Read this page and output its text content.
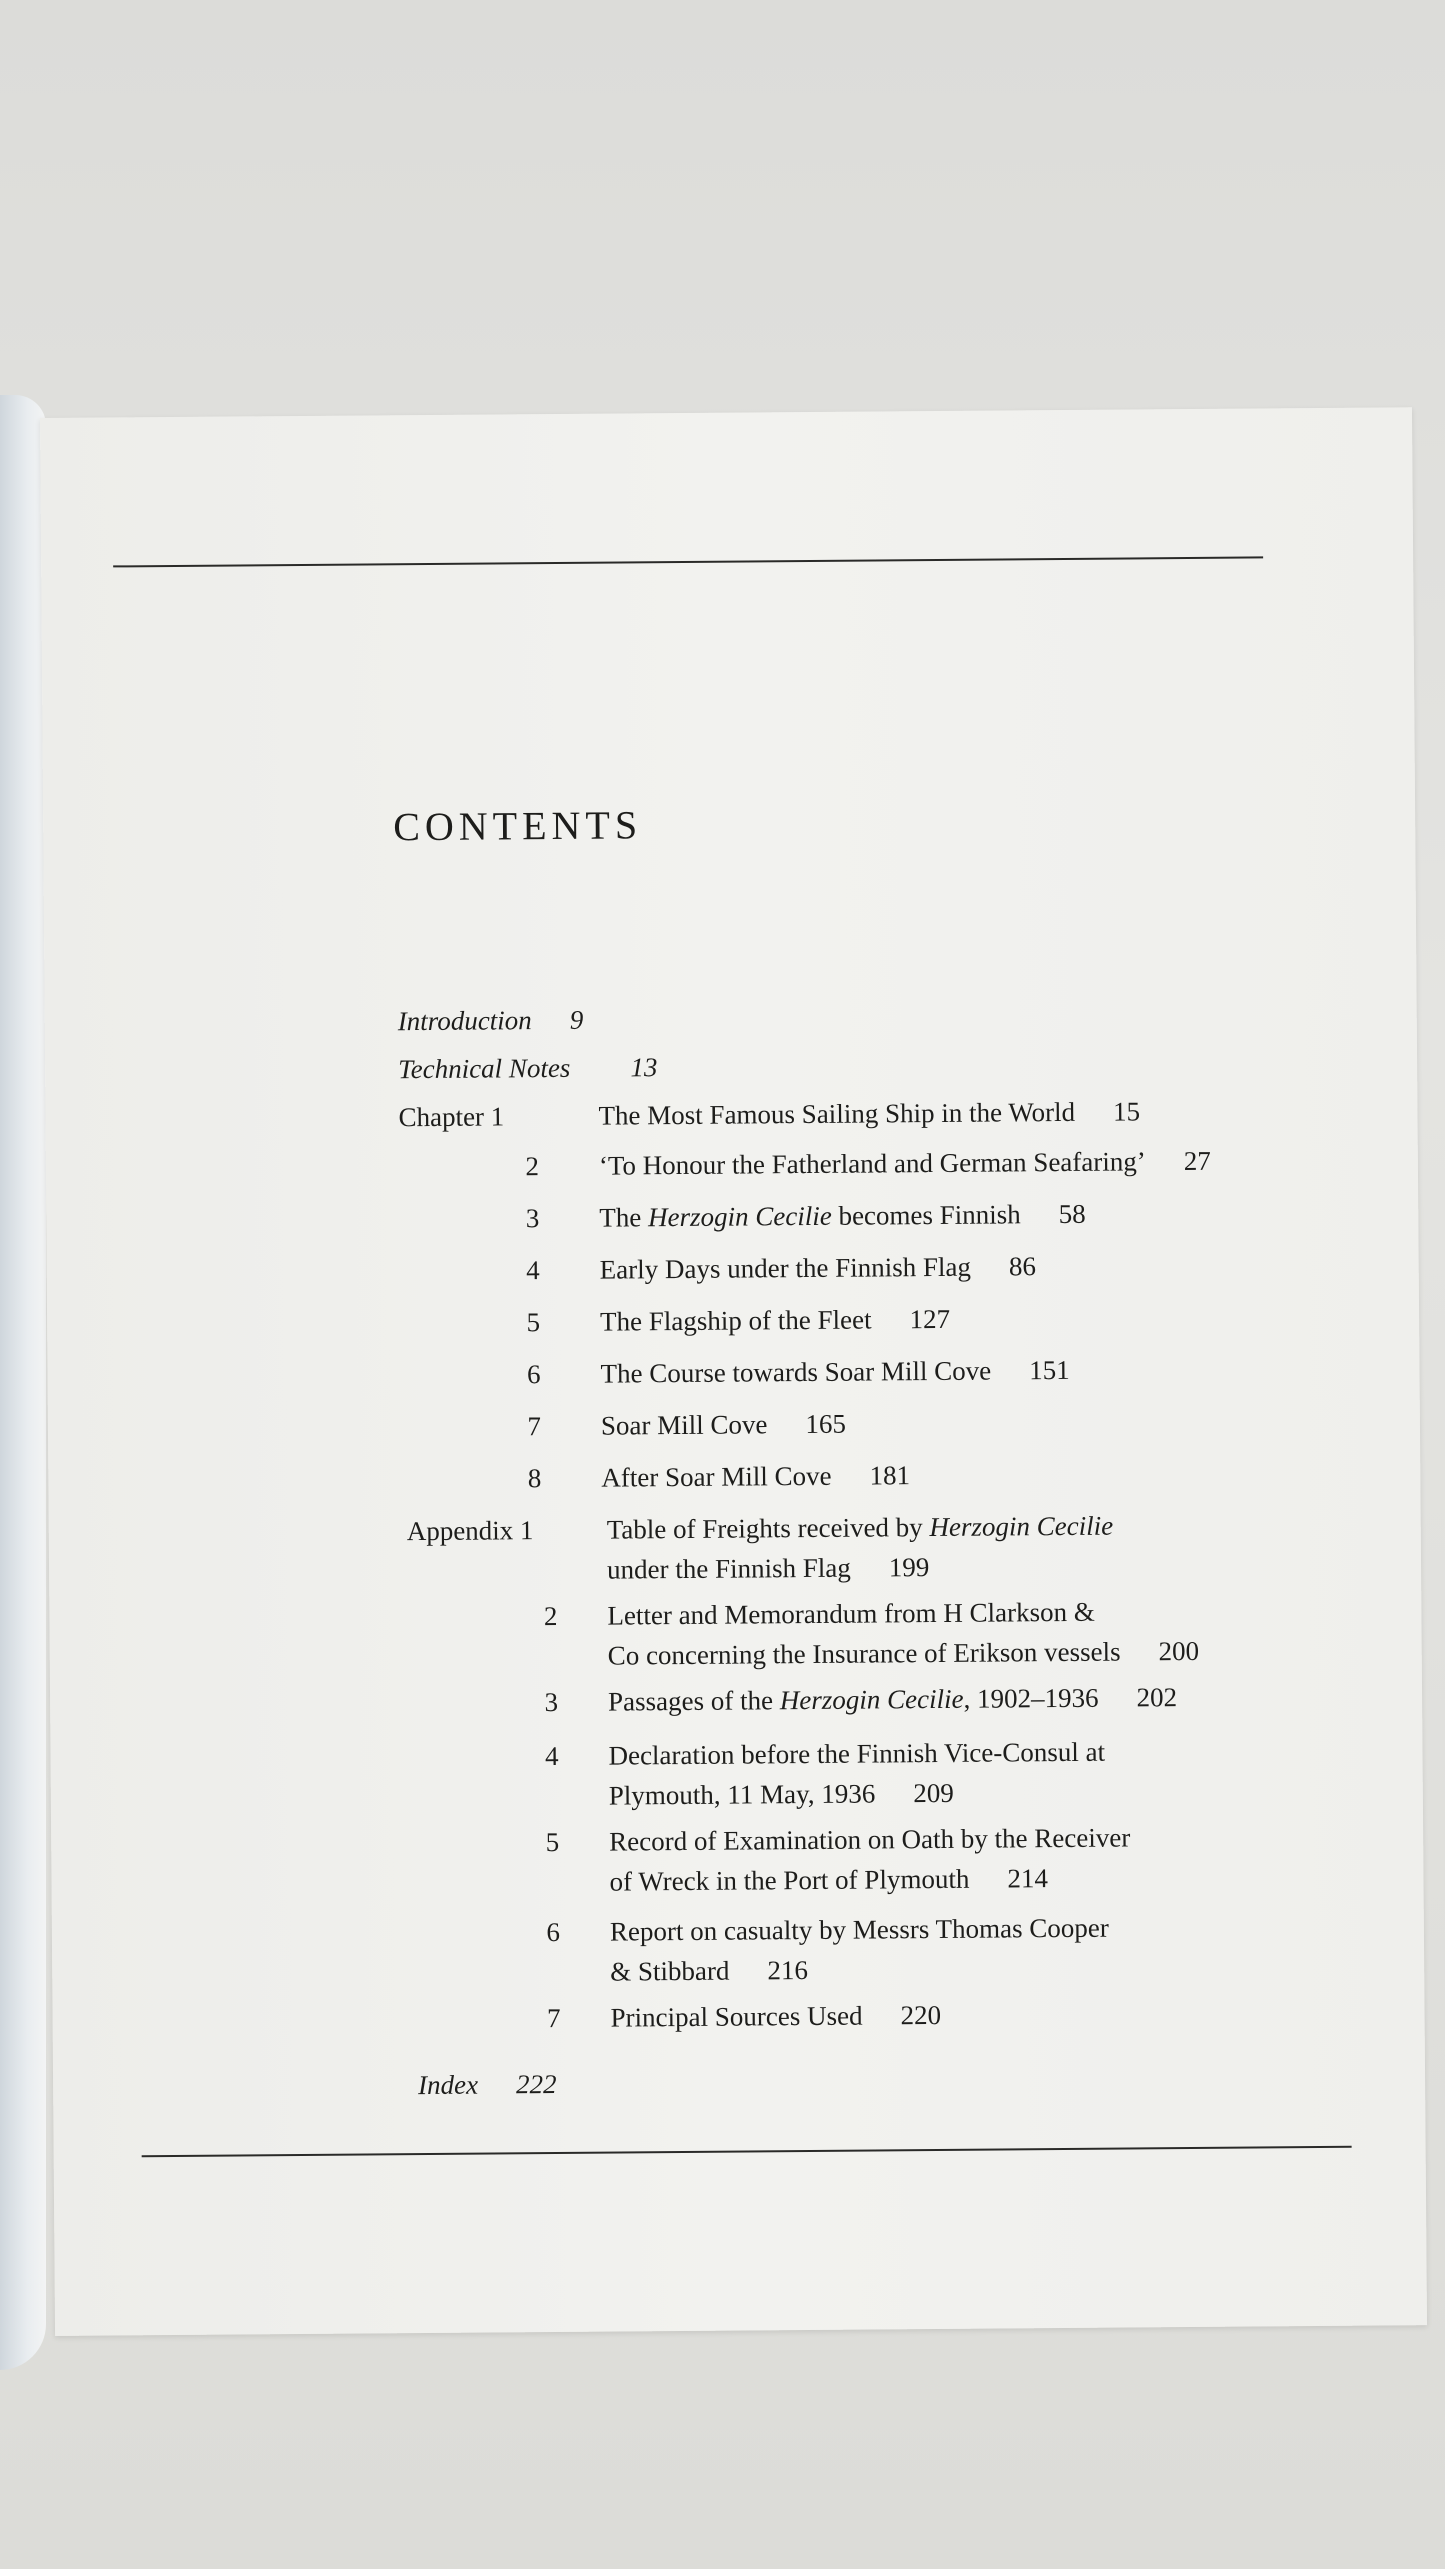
CONTENTS
Introduction 9
Technical Notes 13
Chapter 1	The Most Famous Sailing Ship in the World 15
2 ‘To Honour the Fatherland and German Seafaring’ 27
3 The Herzogin Cecilie becomes Finnish 58
4 Early Days under the Finnish Flag 86
5 The Flagship of the Fleet 127
6 The Course towards Soar Mill Cove 151
7 Soar Mill Cove 165
8 After Soar Mill Cove 181
Appendix 1	Table of Freights received by Herzogin Cecilie
under the Finnish Flag 199
2 Letter and Memorandum from H Clarkson &
Co concerning the Insurance of Erikson vessels 200
3 Passages of the Herzogin Cecilie, 1902–1936 202
4 Declaration before the Finnish Vice-Consul at
Plymouth, 11 May, 1936 209
5 Record of Examination on Oath by the Receiver
of Wreck in the Port of Plymouth 214
6 Report on casualty by Messrs Thomas Cooper
& Stibbard 216
7 Principal Sources Used 220
Index 222
